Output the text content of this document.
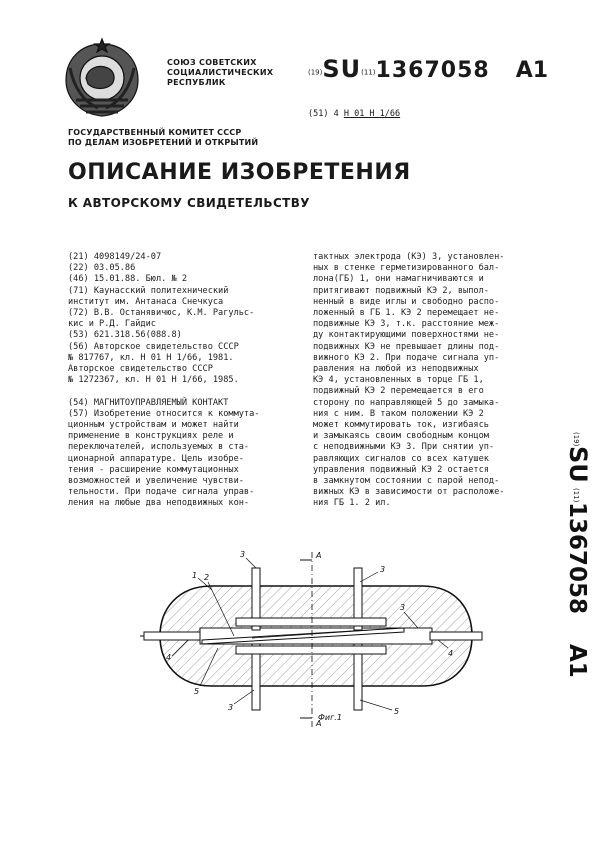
СОЮЗ СОВЕТСКИХ
СОЦИАЛИСТИЧЕСКИХ
РЕСПУБЛИК
(19)SU(11)1367058 A1
(51) 4 H 01 H 1/66
ГОСУДАРСТВЕННЫЙ КОМИТЕТ СССР
ПО ДЕЛАМ ИЗОБРЕТЕНИЙ И ОТКРЫТИЙ
ОПИСАНИЕ ИЗОБРЕТЕНИЯ
К АВТОРСКОМУ СВИДЕТЕЛЬСТВУ
(21) 4098149/24-07
(22) 03.05.86
(46) 15.01.88. Бюл. № 2
(71) Каунасский политехнический
институт им. Антанаса Снечкуса
(72) В.В. Останявичюс, К.М. Рагульс-
кис и Р.Д. Гайдис
(53) 621.318.56(088.8)
(56) Авторское свидетельство СССР
№ 817767, кл. Н 01 Н 1/66, 1981.
Авторское свидетельство СССР
№ 1272367, кл. Н 01 Н 1/66, 1985.
(54) МАГНИТОУПРАВЛЯЕМЫЙ КОНТАКТ
(57) Изобретение относится к коммута-
ционным устройствам и может найти
применение в конструкциях реле и
переключателей, используемых в ста-
ционарной аппаратуре. Цель изобре-
тения - расширение коммутационных
возможностей и увеличение чувстви-
тельности. При подаче сигнала управ-
ления на любые два неподвижных кон-
тактных электрода (КЭ) 3, установлен-
ных в стенке герметизированного бал-
лона(ГБ) 1, они намагничиваются и
притягивают подвижный КЭ 2, выпол-
ненный в виде иглы и свободно распо-
ложенный в ГБ 1. КЭ 2 перемещает не-
подвижные КЭ 3, т.к. расстояние меж-
ду контактирующими поверхностями не-
подвижных КЭ не превышает длины под-
вижного КЭ 2. При подаче сигнала уп-
равления на любой из неподвижных
КЭ 4, установленных в торце ГБ 1,
подвижный КЭ 2 перемещается в его
сторону по направляющей 5 до замыка-
ния с ним. В таком положении КЭ 2
может коммутировать ток, изгибаясь
и замыкаясь своим свободным концом
с неподвижными КЭ 3. При снятии уп-
равляющих сигналов со всех катушек
управления подвижный КЭ 2 остается
в замкнутом состоянии с парой непод-
вижных КЭ в зависимости от расположе-
ния ГБ 1. 2 ил.
(19)
SU
(11)
1367058
A1
А
А
3
3
1 2
3
4
4
5
3	5
Фиг.1
